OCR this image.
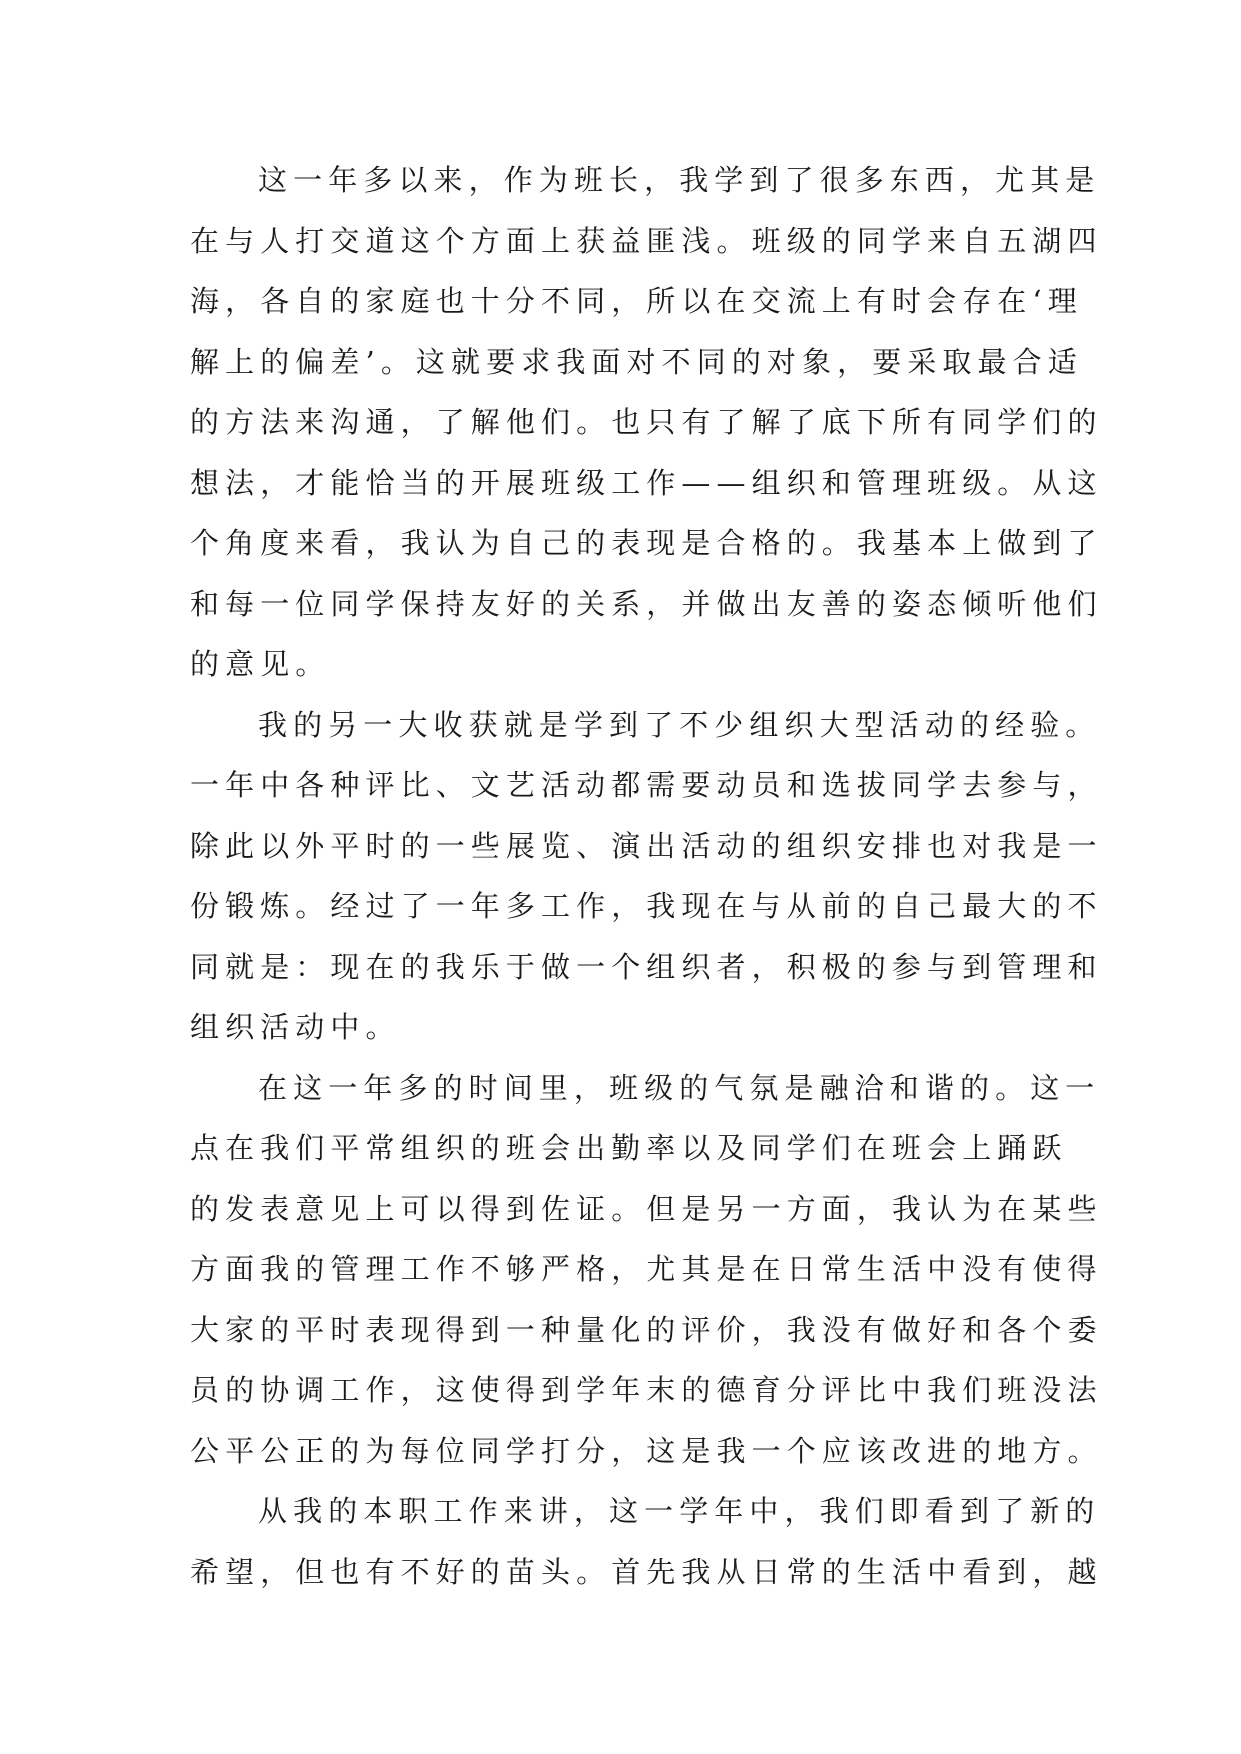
这一年多以来，作为班长，我学到了很多东西，尤其是
在与人打交道这个方面上获益匪浅。班级的同学来自五湖四
海，各自的家庭也十分不同，所以在交流上有时会存在‘理
解上的偏差’。这就要求我面对不同的对象，要采取最合适
的方法来沟通，了解他们。也只有了解了底下所有同学们的
想法，才能恰当的开展班级工作——组织和管理班级。从这
个角度来看，我认为自己的表现是合格的。我基本上做到了
和每一位同学保持友好的关系，并做出友善的姿态倾听他们
的意见。
我的另一大收获就是学到了不少组织大型活动的经验。
一年中各种评比、文艺活动都需要动员和选拔同学去参与，
除此以外平时的一些展览、演出活动的组织安排也对我是一
份锻炼。经过了一年多工作，我现在与从前的自己最大的不
同就是：现在的我乐于做一个组织者，积极的参与到管理和
组织活动中。
在这一年多的时间里，班级的气氛是融洽和谐的。这一
点在我们平常组织的班会出勤率以及同学们在班会上踊跃
的发表意见上可以得到佐证。但是另一方面，我认为在某些
方面我的管理工作不够严格，尤其是在日常生活中没有使得
大家的平时表现得到一种量化的评价，我没有做好和各个委
员的协调工作，这使得到学年末的德育分评比中我们班没法
公平公正的为每位同学打分，这是我一个应该改进的地方。
从我的本职工作来讲，这一学年中，我们即看到了新的
希望，但也有不好的苗头。首先我从日常的生活中看到，越
